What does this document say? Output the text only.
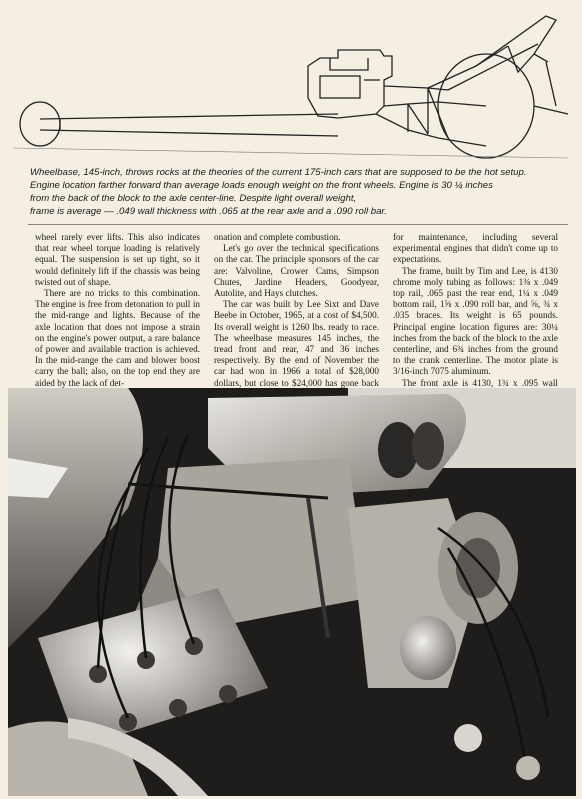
Wheelbase, 145-inch, throws rocks at the theories of the current 175-inch cars that are supposed to be the hot setup.

Engine location farther forward than average loads enough weight on the front wheels. Engine is 30 ¼ inches

from the back of the block to the axle center-line. Despite light overall weight,

frame is average — .049 wall thickness with .065 at the rear axle and a .090 roll bar.

wheel rarely ever lifts. This also indicates that rear wheel torque loading is relatively equal. The suspension is set up tight, so it would definitely lift if the chassis was being twisted out of shape.

There are no tricks to this combination. The engine is free from detonation to pull in the mid-range and lights. Because of the axle location that does not impose a strain on the engine's power output, a rare balance of power and available traction is achieved. In the mid-range the cam and blower boost carry the ball; also, on the top end they are aided by the lack of det-

onation and complete combustion.

Let's go over the technical specifications on the car. The principle sponsors of the car are: Valvoline, Crower Cams, Simpson Chutes, Jardine Headers, Goodyear, Autolite, and Hays clutches.

The car was built by Lee Sixt and Dave Beebe in October, 1965, at a cost of $4,500. Its overall weight is 1260 lbs. ready to race. The wheelbase measures 145 inches, the tread front and rear, 47 and 36 inches respectively. By the end of November the car had won in 1966 a total of $28,000 dollars, but close to $24,000 has gone back

for maintenance, including several experimental engines that didn't come up to expectations.

The frame, built by Tim and Lee, is 4130 chrome moly tubing as follows: 1⅜ x .049 top rail, .065 past the rear end, 1¼ x .049 bottom rail, 1⅝ x .090 roll bar, and ⅝, ¾ x .035 braces. Its weight is 65 pounds. Principal engine location figures are: 30¼ inches from the back of the block to the axle centerline, and 6¾ inches from the ground to the crank centerline. The motor plate is 3/16-inch 7075 aluminum.

The front axle is 4130, 1¾ x .095 wall
